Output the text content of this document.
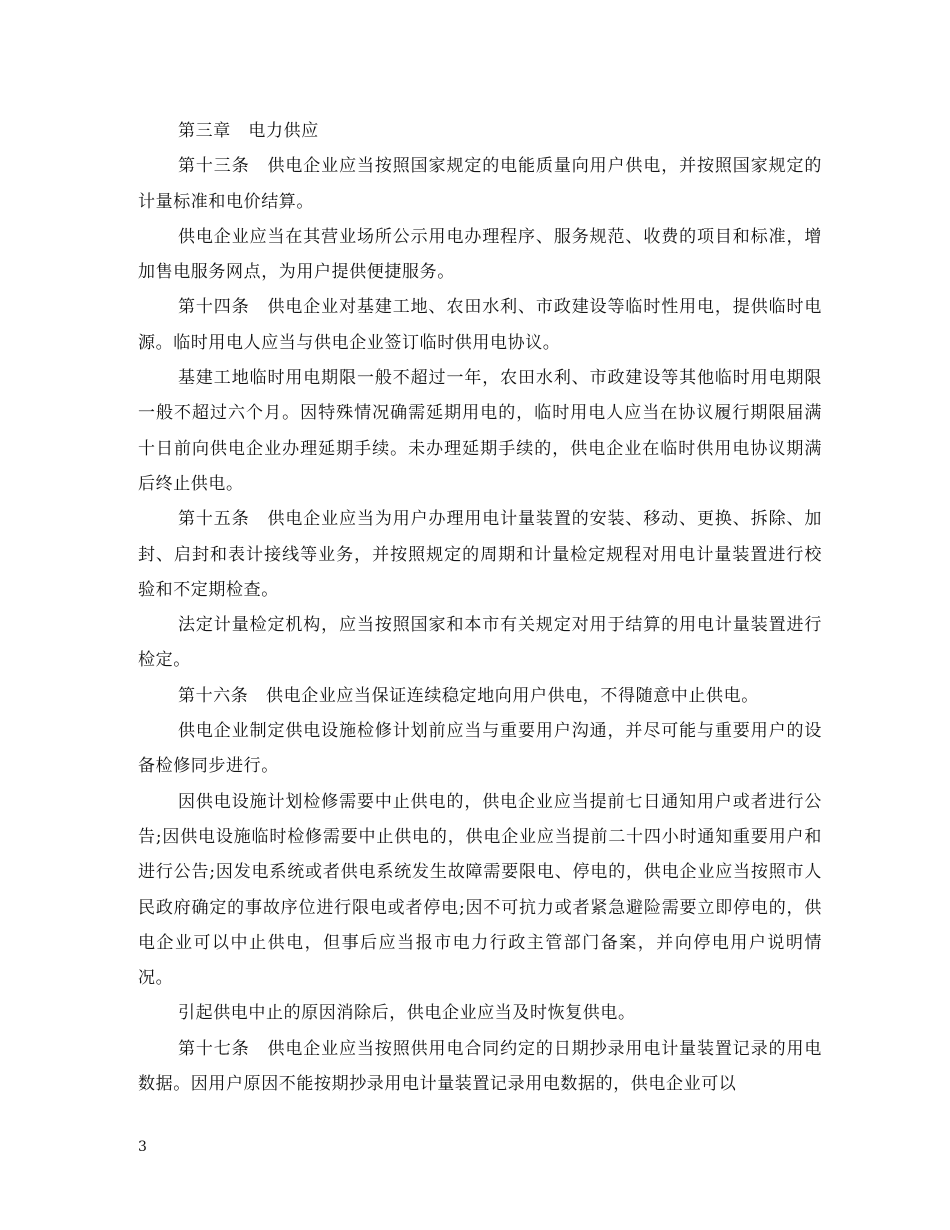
第三章　电力供应

第十三条　供电企业应当按照国家规定的电能质量向用户供电，并按照国家规定的计量标准和电价结算。

供电企业应当在其营业场所公示用电办理程序、服务规范、收费的项目和标准，增加售电服务网点，为用户提供便捷服务。

第十四条　供电企业对基建工地、农田水利、市政建设等临时性用电，提供临时电源。临时用电人应当与供电企业签订临时供用电协议。

基建工地临时用电期限一般不超过一年，农田水利、市政建设等其他临时用电期限一般不超过六个月。因特殊情况确需延期用电的，临时用电人应当在协议履行期限届满十日前向供电企业办理延期手续。未办理延期手续的，供电企业在临时供用电协议期满后终止供电。

第十五条　供电企业应当为用户办理用电计量装置的安装、移动、更换、拆除、加封、启封和表计接线等业务，并按照规定的周期和计量检定规程对用电计量装置进行校验和不定期检查。

法定计量检定机构，应当按照国家和本市有关规定对用于结算的用电计量装置进行检定。

第十六条　供电企业应当保证连续稳定地向用户供电，不得随意中止供电。

供电企业制定供电设施检修计划前应当与重要用户沟通，并尽可能与重要用户的设备检修同步进行。

因供电设施计划检修需要中止供电的，供电企业应当提前七日通知用户或者进行公告;因供电设施临时检修需要中止供电的，供电企业应当提前二十四小时通知重要用户和进行公告;因发电系统或者供电系统发生故障需要限电、停电的，供电企业应当按照市人民政府确定的事故序位进行限电或者停电;因不可抗力或者紧急避险需要立即停电的，供电企业可以中止供电，但事后应当报市电力行政主管部门备案，并向停电用户说明情况。

引起供电中止的原因消除后，供电企业应当及时恢复供电。

第十七条　供电企业应当按照供用电合同约定的日期抄录用电计量装置记录的用电数据。因用户原因不能按期抄录用电计量装置记录用电数据的，供电企业可以

3
